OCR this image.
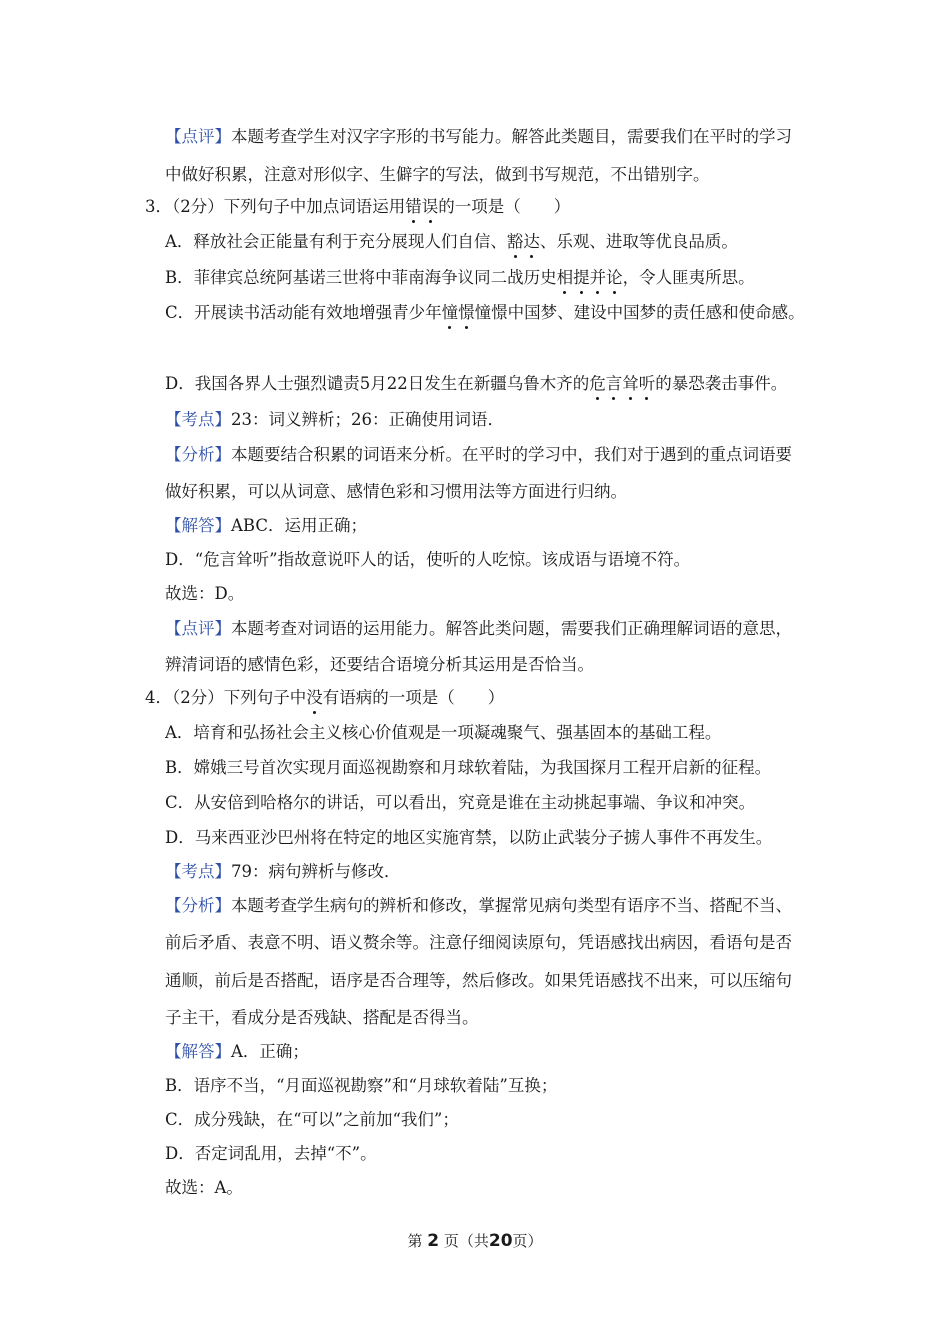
【点评】本题考查学生对汉字字形的书写能力。解答此类题目，需要我们在平时的学习
中做好积累，注意对形似字、生僻字的写法，做到书写规范，不出错别字。
3．（2分）下列句子中加点词语运用错误的一项是（　　）
A．释放社会正能量有利于充分展现人们自信、豁达、乐观、进取等优良品质。
B．菲律宾总统阿基诺三世将中菲南海争议同二战历史相提并论，令人匪夷所思。
C．开展读书活动能有效地增强青少年憧憬憧憬中国梦、建设中国梦的责任感和使命感。
D．我国各界人士强烈谴责5月22日发生在新疆乌鲁木齐的危言耸听的暴恐袭击事件。
【考点】23：词义辨析；26：正确使用词语．
【分析】本题要结合积累的词语来分析。在平时的学习中，我们对于遇到的重点词语要
做好积累，可以从词意、感情色彩和习惯用法等方面进行归纳。
【解答】ABC．运用正确；
D．“危言耸听”指故意说吓人的话，使听的人吃惊。该成语与语境不符。
故选：D。
【点评】本题考查对词语的运用能力。解答此类问题，需要我们正确理解词语的意思，
辨清词语的感情色彩，还要结合语境分析其运用是否恰当。
4．（2分）下列句子中没有语病的一项是（　　）
A．培育和弘扬社会主义核心价值观是一项凝魂聚气、强基固本的基础工程。
B．嫦娥三号首次实现月面巡视勘察和月球软着陆，为我国探月工程开启新的征程。
C．从安倍到哈格尔的讲话，可以看出，究竟是谁在主动挑起事端、争议和冲突。
D．马来西亚沙巴州将在特定的地区实施宵禁，以防止武装分子掳人事件不再发生。
【考点】79：病句辨析与修改．
【分析】本题考查学生病句的辨析和修改，掌握常见病句类型有语序不当、搭配不当、
前后矛盾、表意不明、语义赘余等。注意仔细阅读原句，凭语感找出病因，看语句是否
通顺，前后是否搭配，语序是否合理等，然后修改。如果凭语感找不出来，可以压缩句
子主干，看成分是否残缺、搭配是否得当。
【解答】A．正确；
B．语序不当，“月面巡视勘察”和“月球软着陆”互换；
C．成分残缺，在“可以”之前加“我们”；
D．否定词乱用，去掉“不”。
故选：A。
第 2 页（共20页）
